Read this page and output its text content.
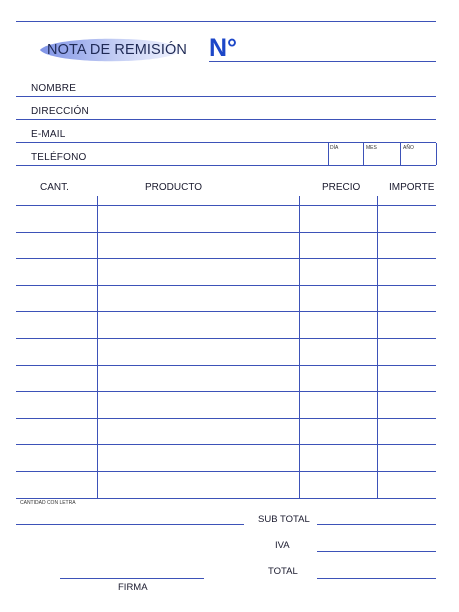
NOTA DE REMISIÓN N°
NOMBRE
DIRECCIÓN
E-MAIL
TELÉFONO
DÍA	MES	AÑO
CANT.	PRODUCTO	PRECIO	IMPORTE
CANTIDAD CON LETRA
SUB TOTAL
IVA
TOTAL
FIRMA
